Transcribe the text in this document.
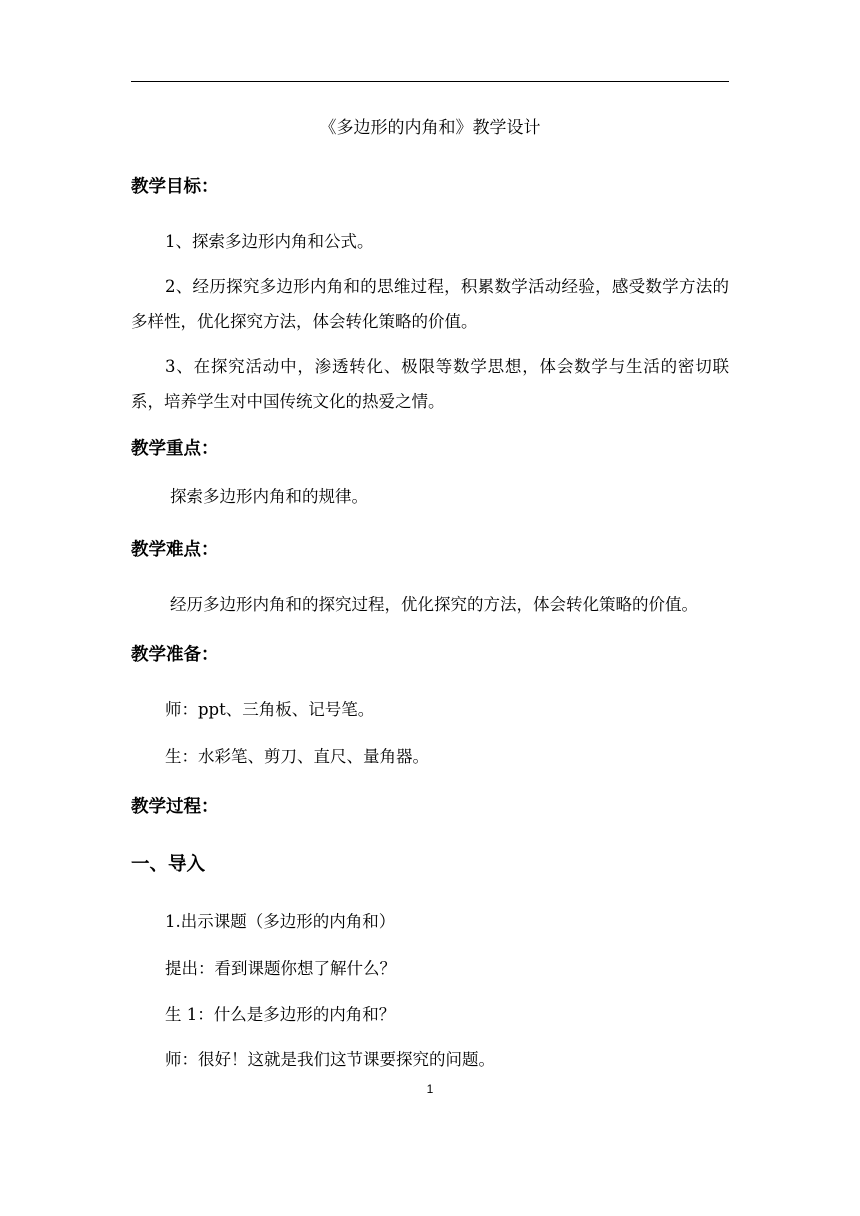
《多边形的内角和》教学设计

教学目标：

1、探索多边形内角和公式。

2、经历探究多边形内角和的思维过程，积累数学活动经验，感受数学方法的多样性，优化探究方法，体会转化策略的价值。

3、在探究活动中，渗透转化、极限等数学思想，体会数学与生活的密切联系，培养学生对中国传统文化的热爱之情。

教学重点：

探索多边形内角和的规律。

教学难点：

经历多边形内角和的探究过程，优化探究的方法，体会转化策略的价值。

教学准备：

师：ppt、三角板、记号笔。

生：水彩笔、剪刀、直尺、量角器。

教学过程：

一、导入

1.出示课题（多边形的内角和）

提出：看到课题你想了解什么？

生 1：什么是多边形的内角和？

师：很好！这就是我们这节课要探究的问题。

1
